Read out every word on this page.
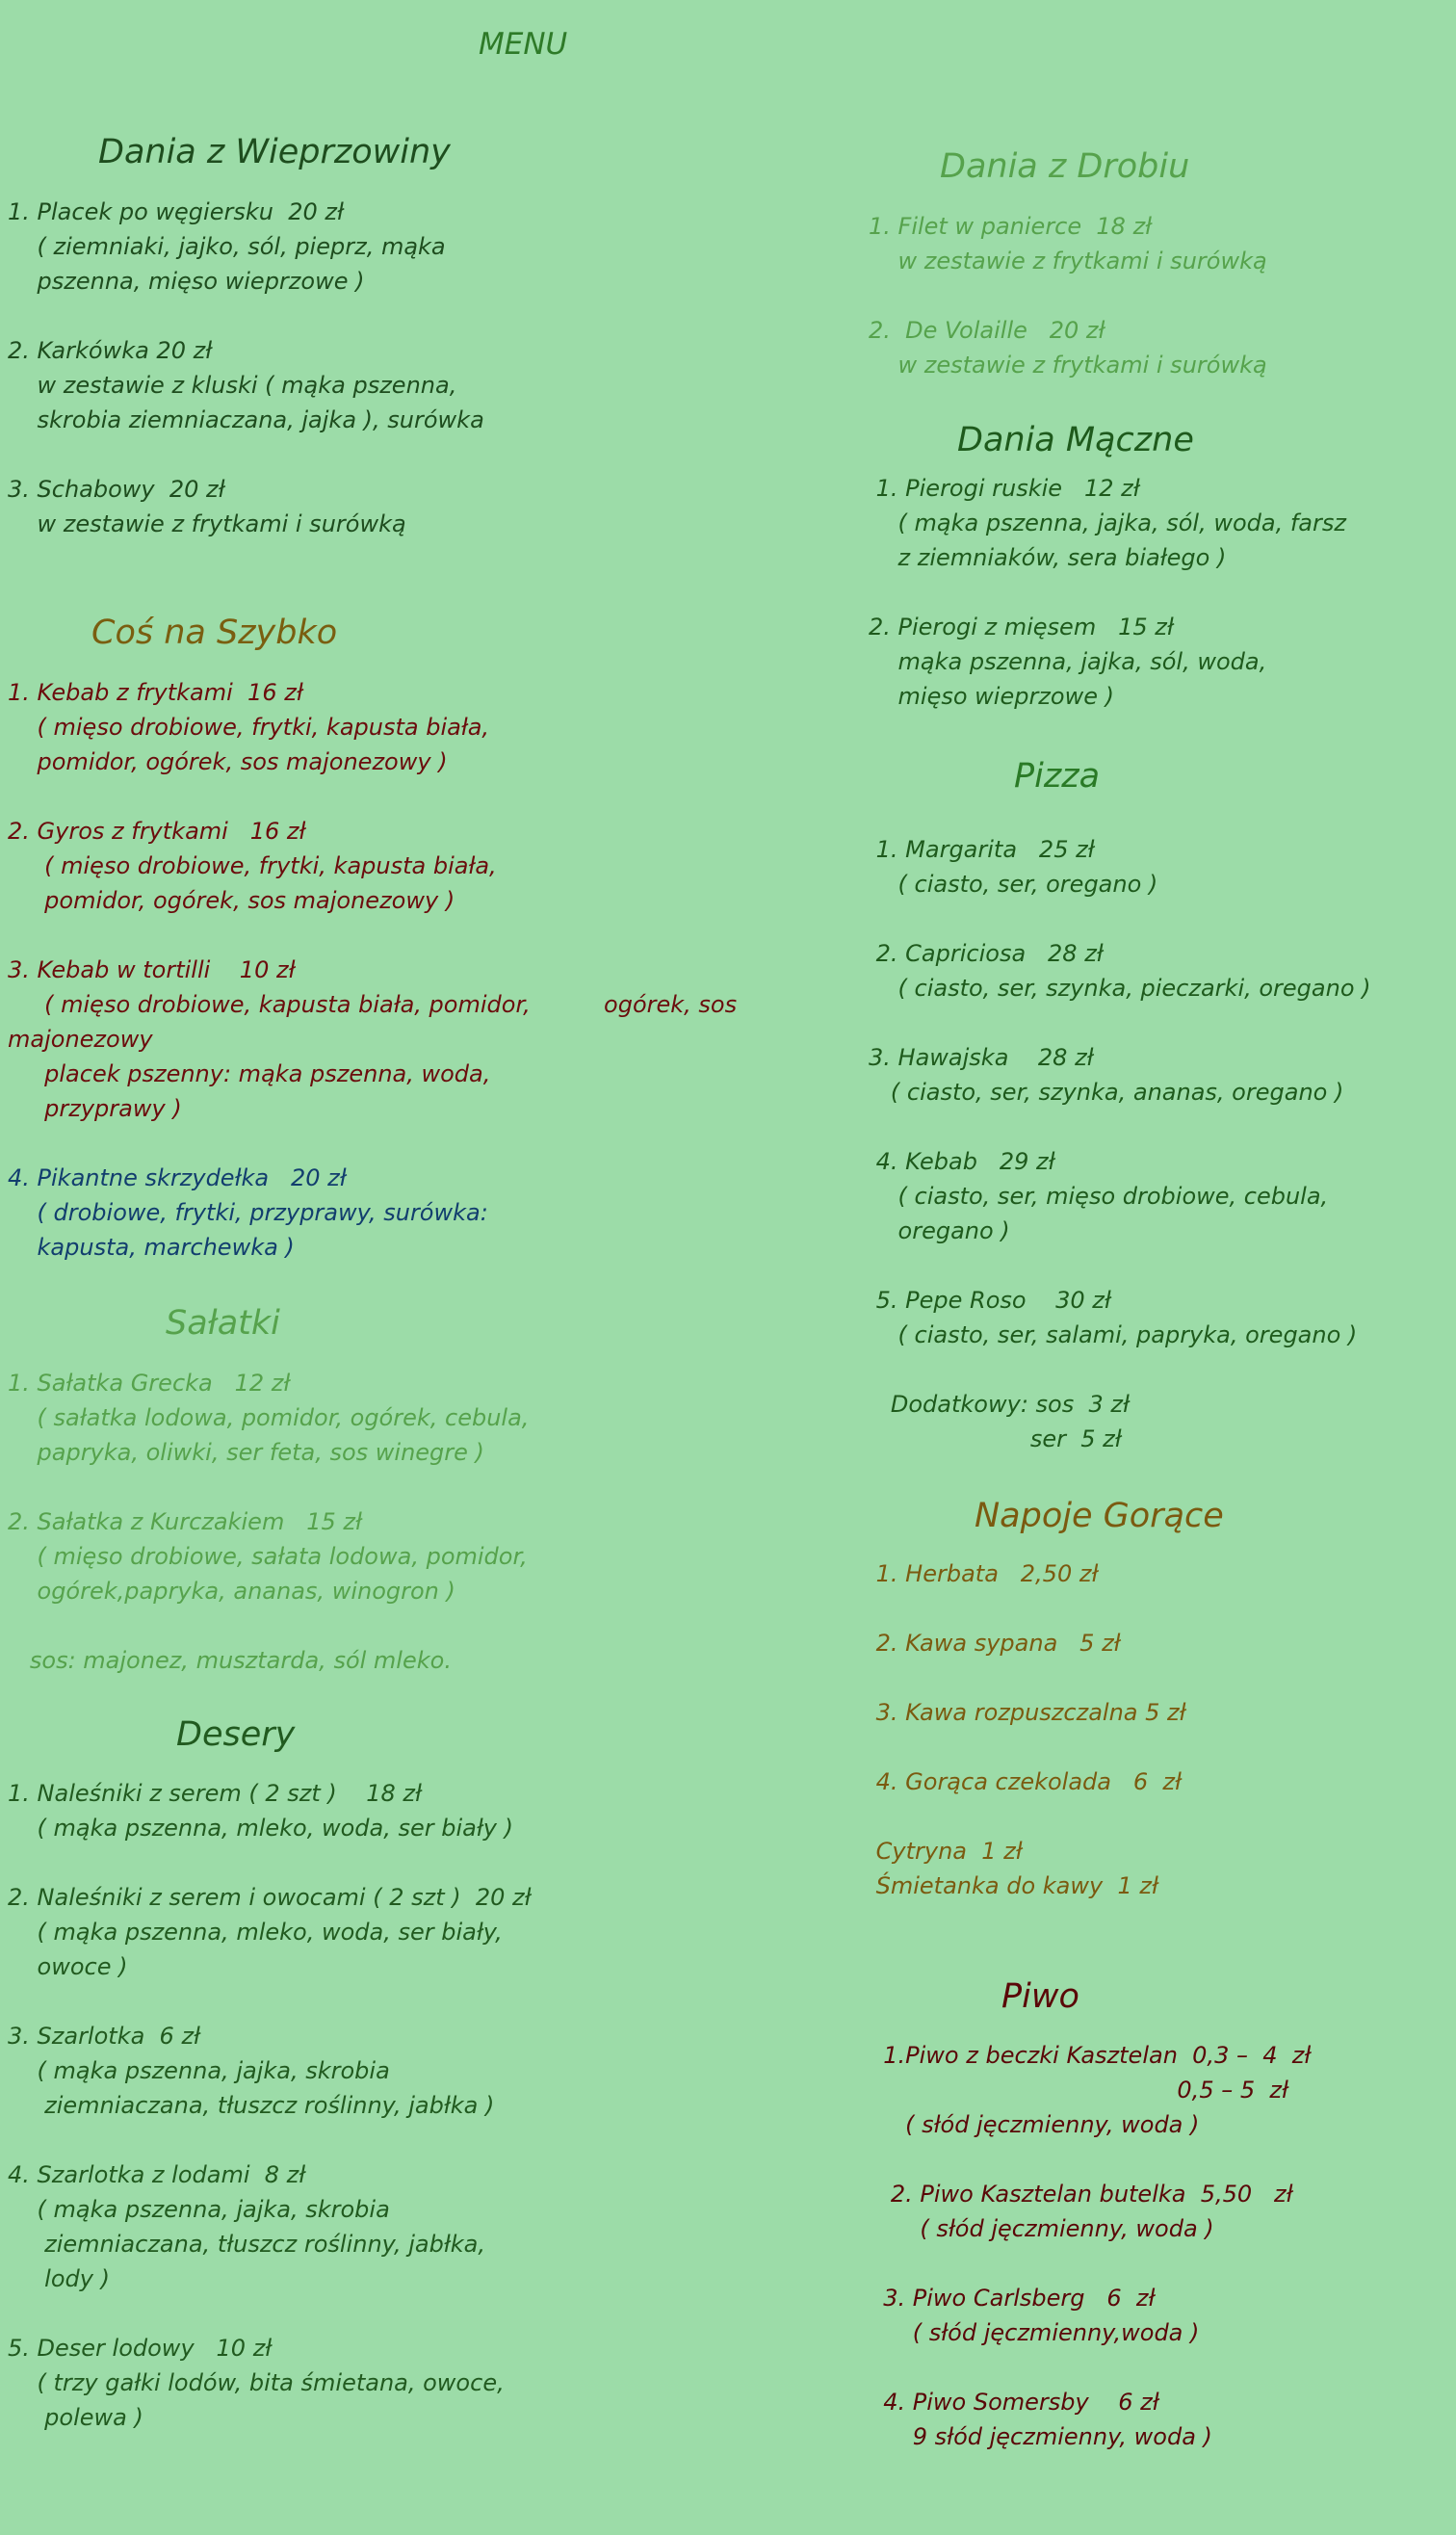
MENU
Dania z Wieprzowiny
1. Placek po węgiersku  20 zł
( ziemniaki, jajko, sól, pieprz, mąka
pszenna, mięso wieprzowe )
2. Karkówka 20 zł
w zestawie z kluski ( mąka pszenna,
skrobia ziemniaczana, jajka ), surówka
3. Schabowy  20 zł
w zestawie z frytkami i surówką
Coś na Szybko
1. Kebab z frytkami  16 zł
( mięso drobiowe, frytki, kapusta biała,
pomidor, ogórek, sos majonezowy )
2. Gyros z frytkami   16 zł
( mięso drobiowe, frytki, kapusta biała,
pomidor, ogórek, sos majonezowy )
3. Kebab w tortilli    10 zł
( mięso drobiowe, kapusta biała, pomidor,          ogórek, sos
majonezowy
placek pszenny: mąka pszenna, woda,
przyprawy )
4. Pikantne skrzydełka   20 zł
( drobiowe, frytki, przyprawy, surówka:
kapusta, marchewka )
Sałatki
1. Sałatka Grecka   12 zł
( sałatka lodowa, pomidor, ogórek, cebula,
papryka, oliwki, ser feta, sos winegre )
2. Sałatka z Kurczakiem   15 zł
( mięso drobiowe, sałata lodowa, pomidor,
ogórek,papryka, ananas, winogron )
sos: majonez, musztarda, sól mleko.
Desery
1. Naleśniki z serem ( 2 szt )    18 zł
( mąka pszenna, mleko, woda, ser biały )
2. Naleśniki z serem i owocami ( 2 szt )  20 zł
( mąka pszenna, mleko, woda, ser biały,
owoce )
3. Szarlotka  6 zł
( mąka pszenna, jajka, skrobia
ziemniaczana, tłuszcz roślinny, jabłka )
4. Szarlotka z lodami  8 zł
( mąka pszenna, jajka, skrobia
ziemniaczana, tłuszcz roślinny, jabłka,
lody )
5. Deser lodowy   10 zł
( trzy gałki lodów, bita śmietana, owoce,
polewa )
Dania z Drobiu
1. Filet w panierce  18 zł
w zestawie z frytkami i surówką
2.  De Volaille   20 zł
w zestawie z frytkami i surówką
Dania Mączne
1. Pierogi ruskie   12 zł
( mąka pszenna, jajka, sól, woda, farsz
z ziemniaków, sera białego )
2. Pierogi z mięsem   15 zł
mąka pszenna, jajka, sól, woda,
mięso wieprzowe )
Pizza
1. Margarita   25 zł
( ciasto, ser, oregano )
2. Capriciosa   28 zł
( ciasto, ser, szynka, pieczarki, oregano )
3. Hawajska    28 zł
( ciasto, ser, szynka, ananas, oregano )
4. Kebab   29 zł
( ciasto, ser, mięso drobiowe, cebula,
oregano )
5. Pepe Roso    30 zł
( ciasto, ser, salami, papryka, oregano )
Dodatkowy: sos  3 zł
ser  5 zł
Napoje Gorące
1. Herbata   2,50 zł
2. Kawa sypana   5 zł
3. Kawa rozpuszczalna 5 zł
4. Gorąca czekolada   6  zł
Cytryna  1 zł
Śmietanka do kawy  1 zł
Piwo
1.Piwo z beczki Kasztelan  0,3 –  4  zł
0,5 – 5  zł
( słód jęczmienny, woda )
2. Piwo Kasztelan butelka  5,50   zł
( słód jęczmienny, woda )
3. Piwo Carlsberg   6  zł
( słód jęczmienny,woda )
4. Piwo Somersby    6 zł
9 słód jęczmienny, woda )
